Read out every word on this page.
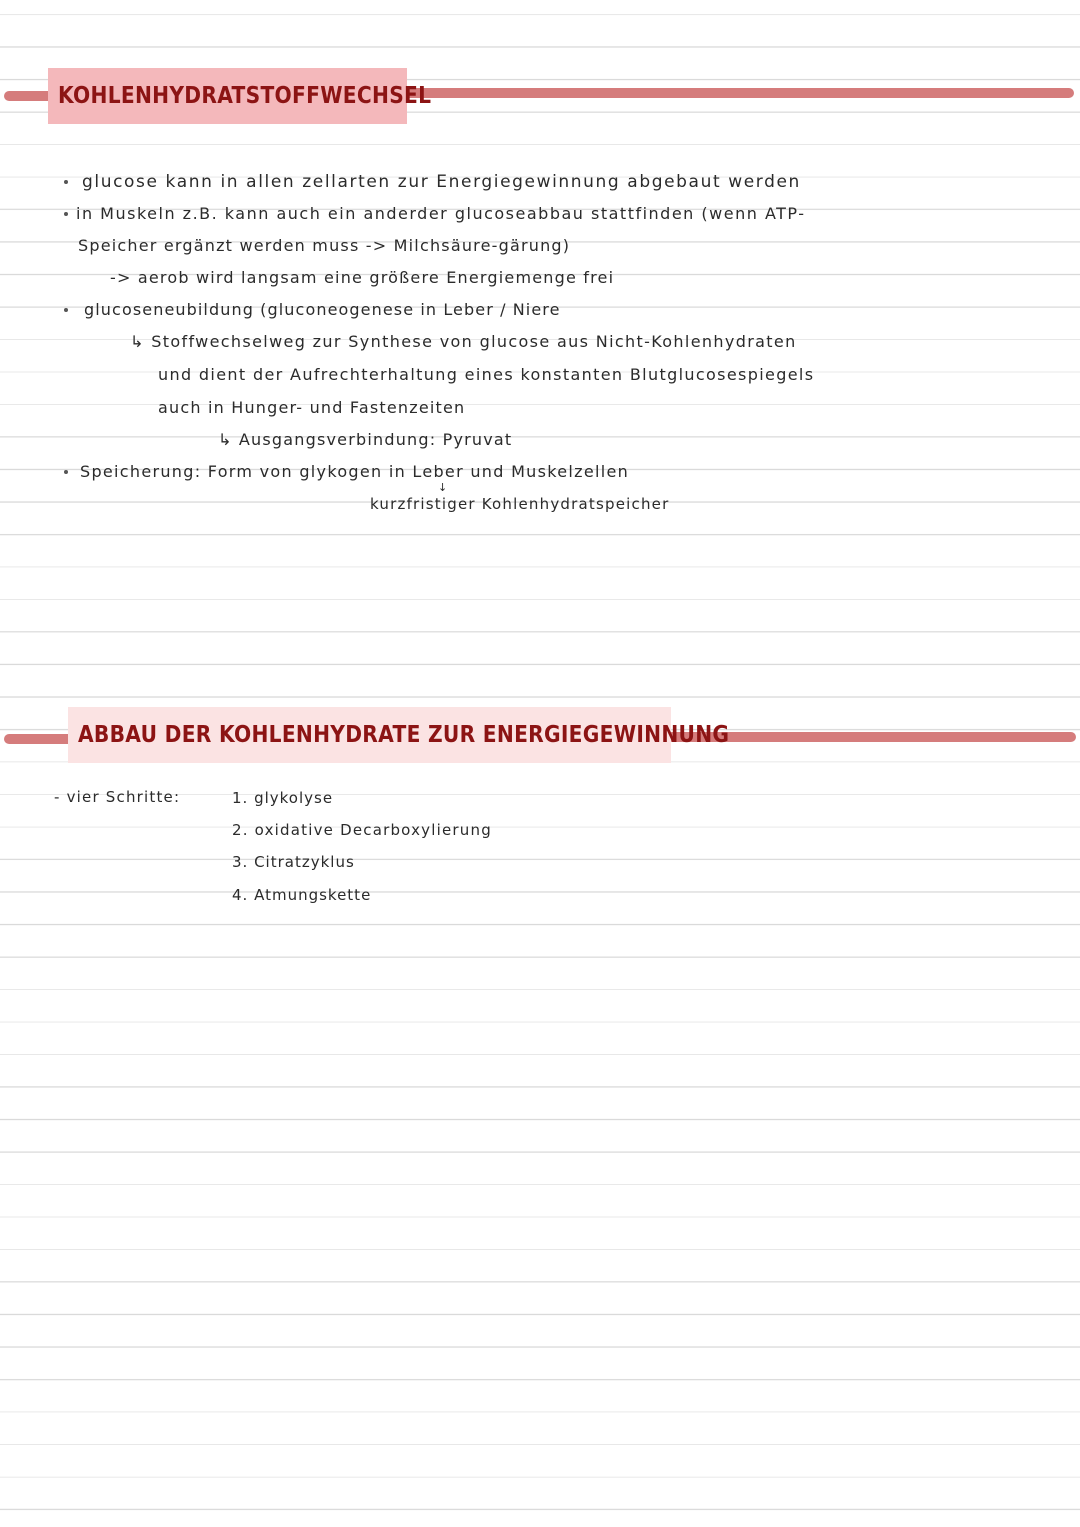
KOHLENHYDRATSTOFFWECHSEL
glucose kann in allen zellarten zur Energiegewinnung abgebaut werden
in Muskeln z.B. kann auch ein anderder glucoseabbau stattfinden (wenn ATP-
Speicher ergänzt werden muss -> Milchsäure-gärung)
-> aerob wird langsam eine größere Energiemenge frei
glucoseneubildung (gluconeogenese in Leber / Niere
↳ Stoffwechselweg zur Synthese von glucose aus Nicht-Kohlenhydraten
und dient der Aufrechterhaltung eines konstanten Blutglucosespiegels
auch in Hunger- und Fastenzeiten
↳ Ausgangsverbindung: Pyruvat
Speicherung: Form von glykogen in Leber und Muskelzellen
↓
kurzfristiger Kohlenhydratspeicher
ABBAU DER KOHLENHYDRATE ZUR ENERGIEGEWINNUNG
- vier Schritte:	1. glykolyse
2. oxidative Decarboxylierung
3. Citratzyklus
4. Atmungskette
